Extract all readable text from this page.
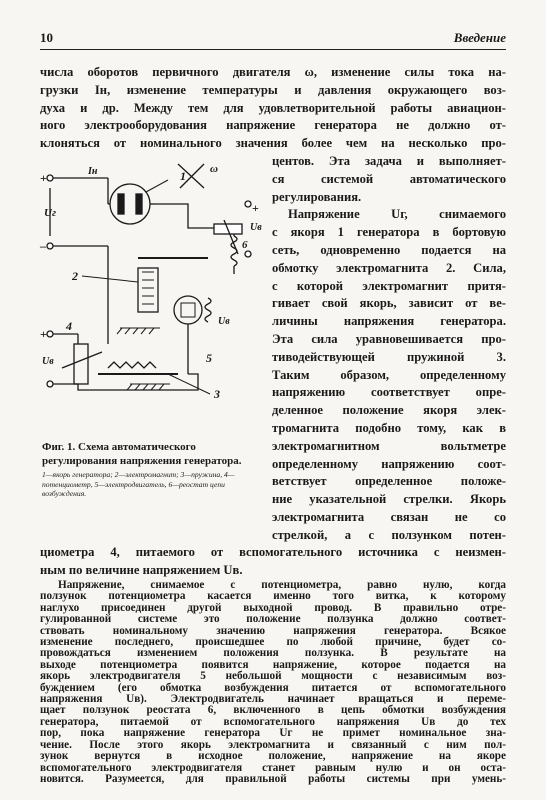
10	Введение
числа оборотов первичного двигателя ω, изменение силы тока на-
грузки Iн, изменение температуры и давления окружающего воз-
духа и др. Между тем для удовлетворительной работы авиацион-
ного электрооборудования напряжение генератора не должно от-
клоняться от номинального значения более чем на несколько про-
центов. Эта задача и выполняет-
ся системой автоматического
регулирования.
Напряжение Uг, снимаемого
с якоря 1 генератора в бортовую
сеть, одновременно подается на
обмотку электромагнита 2. Сила,
с которой электромагнит притя-
гивает свой якорь, зависит от ве-
личины напряжения генератора.
Эта сила уравновешивается про-
тиводействующей пружиной 3.
Таким образом, определенному
напряжению соответствует опре-
деленное положение якоря элек-
тромагнита подобно тому, как в
электромагнитном вольтметре
определенному напряжению соот-
ветствует определенное положе-
ние указательной стрелки. Якорь
электромагнита связан не со
стрелкой, а с ползунком потен-
+
–
Uг
Iн	1 ω
+
Uв
6
2
Uв
5
+
Uв
4
3
Фиг. 1. Схема автоматического регулирования напряжения генератора.
1—якорь генератора; 2—электромагнит; 3—пружина, 4—потенциометр, 5—электродвигатель, 6—реостат цепи возбуждения.
циометра 4, питаемого от вспомогательного источника с неизмен-
ным по величине напряжением Uв.
Напряжение, снимаемое с потенциометра, равно нулю, когда
ползунок потенциометра касается именно того витка, к которому
наглухо присоединен другой выходной провод. В правильно отре-
гулированной системе это положение ползунка должно соответ-
ствовать номинальному значению напряжения генератора. Всякое
изменение последнего, происшедшее по любой причине, будет со-
провождаться изменением положения ползунка. В результате на
выходе потенциометра появится напряжение, которое подается на
якорь электродвигателя 5 небольшой мощности с независимым воз-
буждением (его обмотка возбуждения питается от вспомогательного
напряжения Uв). Электродвигатель начинает вращаться и переме-
щает ползунок реостата 6, включенного в цепь обмотки возбуждения
генератора, питаемой от вспомогательного напряжения Uв до тех
пор, пока напряжение генератора Uг не примет номинальное зна-
чение. После этого якорь электромагнита и связанный с ним пол-
зунок вернутся в исходное положение, напряжение на якоре
вспомогательного электродвигателя станет равным нулю и он оста-
новится. Разумеется, для правильной работы системы при умень-
